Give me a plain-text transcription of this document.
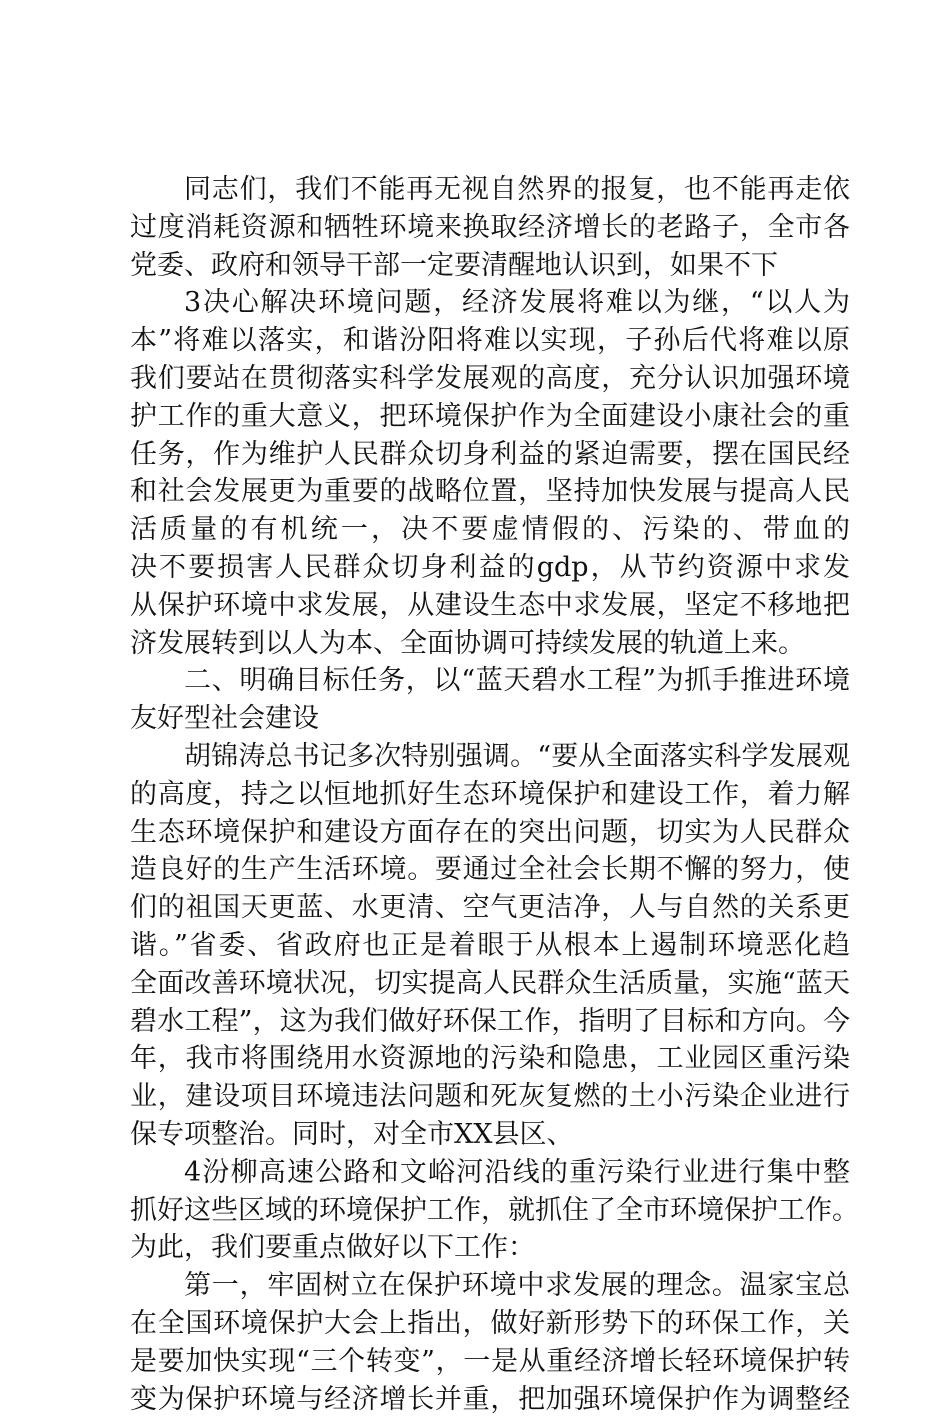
同志们，我们不能再无视自然界的报复，也不能再走依
过度消耗资源和牺牲环境来换取经济增长的老路子，全市各
党委、政府和领导干部一定要清醒地认识到，如果不下
3决心解决环境问题，经济发展将难以为继，“以人为
本”将难以落实，和谐汾阳将难以实现，子孙后代将难以原
我们要站在贯彻落实科学发展观的高度，充分认识加强环境
护工作的重大意义，把环境保护作为全面建设小康社会的重
任务，作为维护人民群众切身利益的紧迫需要，摆在国民经
和社会发展更为重要的战略位置，坚持加快发展与提高人民
活质量的有机统一，决不要虚情假的、污染的、带血的
决不要损害人民群众切身利益的gdp，从节约资源中求发
从保护环境中求发展，从建设生态中求发展，坚定不移地把
济发展转到以人为本、全面协调可持续发展的轨道上来。
二、明确目标任务，以“蓝天碧水工程”为抓手推进环境
友好型社会建设
胡锦涛总书记多次特别强调。“要从全面落实科学发展观
的高度，持之以恒地抓好生态环境保护和建设工作，着力解
生态环境保护和建设方面存在的突出问题，切实为人民群众
造良好的生产生活环境。要通过全社会长期不懈的努力，使
们的祖国天更蓝、水更清、空气更洁净，人与自然的关系更
谐。”省委、省政府也正是着眼于从根本上遏制环境恶化趋
全面改善环境状况，切实提高人民群众生活质量，实施“蓝天
碧水工程”，这为我们做好环保工作，指明了目标和方向。今
年，我市将围绕用水资源地的污染和隐患，工业园区重污染
业，建设项目环境违法问题和死灰复燃的土小污染企业进行
保专项整治。同时，对全市XX县区、
4汾柳高速公路和文峪河沿线的重污染行业进行集中整
抓好这些区域的环境保护工作，就抓住了全市环境保护工作。
为此，我们要重点做好以下工作：
第一，牢固树立在保护环境中求发展的理念。温家宝总
在全国环境保护大会上指出，做好新形势下的环保工作，关
是要加快实现“三个转变”，一是从重经济增长轻环境保护转
变为保护环境与经济增长并重，把加强环境保护作为调整经
